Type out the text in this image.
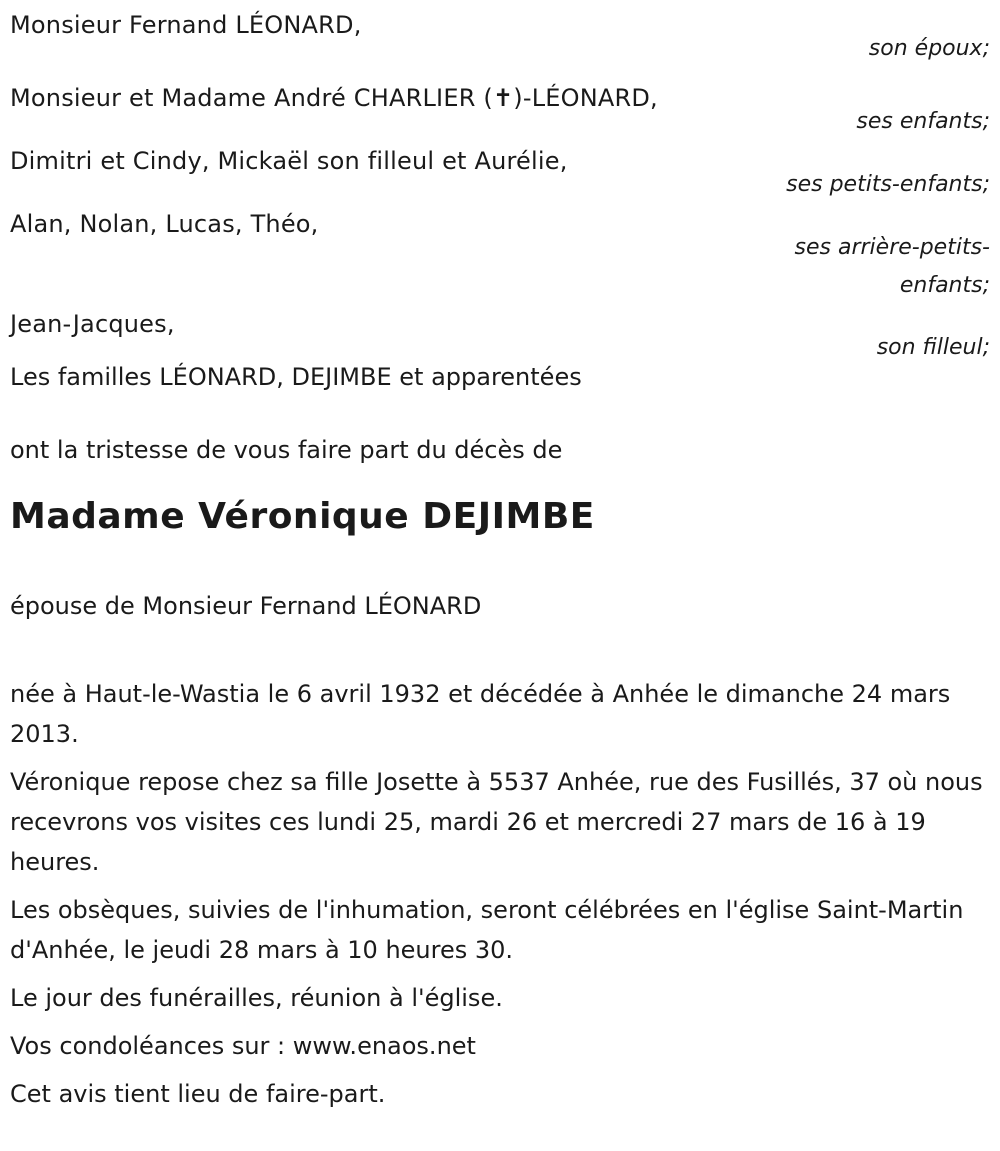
Monsieur Fernand LÉONARD,
son époux;
Monsieur et Madame André CHARLIER (✝)-LÉONARD,
ses enfants;
Dimitri et Cindy, Mickaël son filleul et Aurélie,
ses petits-enfants;
Alan, Nolan, Lucas, Théo,
ses arrière-petits-
enfants;
Jean-Jacques,
son filleul;
Les familles LÉONARD, DEJIMBE et apparentées
ont la tristesse de vous faire part du décès de
Madame Véronique DEJIMBE
épouse de Monsieur Fernand LÉONARD

née à Haut-le-Wastia le 6 avril 1932 et décédée à Anhée le dimanche 24 mars 2013.

Véronique repose chez sa fille Josette à 5537 Anhée, rue des Fusillés, 37 où nous recevrons vos visites ces lundi 25, mardi 26 et mercredi 27 mars de 16 à 19 heures.

Les obsèques, suivies de l'inhumation, seront célébrées en l'église Saint-Martin d'Anhée, le jeudi 28 mars à 10 heures 30.

Le jour des funérailles, réunion à l'église.

Vos condoléances sur : www.enaos.net

Cet avis tient lieu de faire-part.
